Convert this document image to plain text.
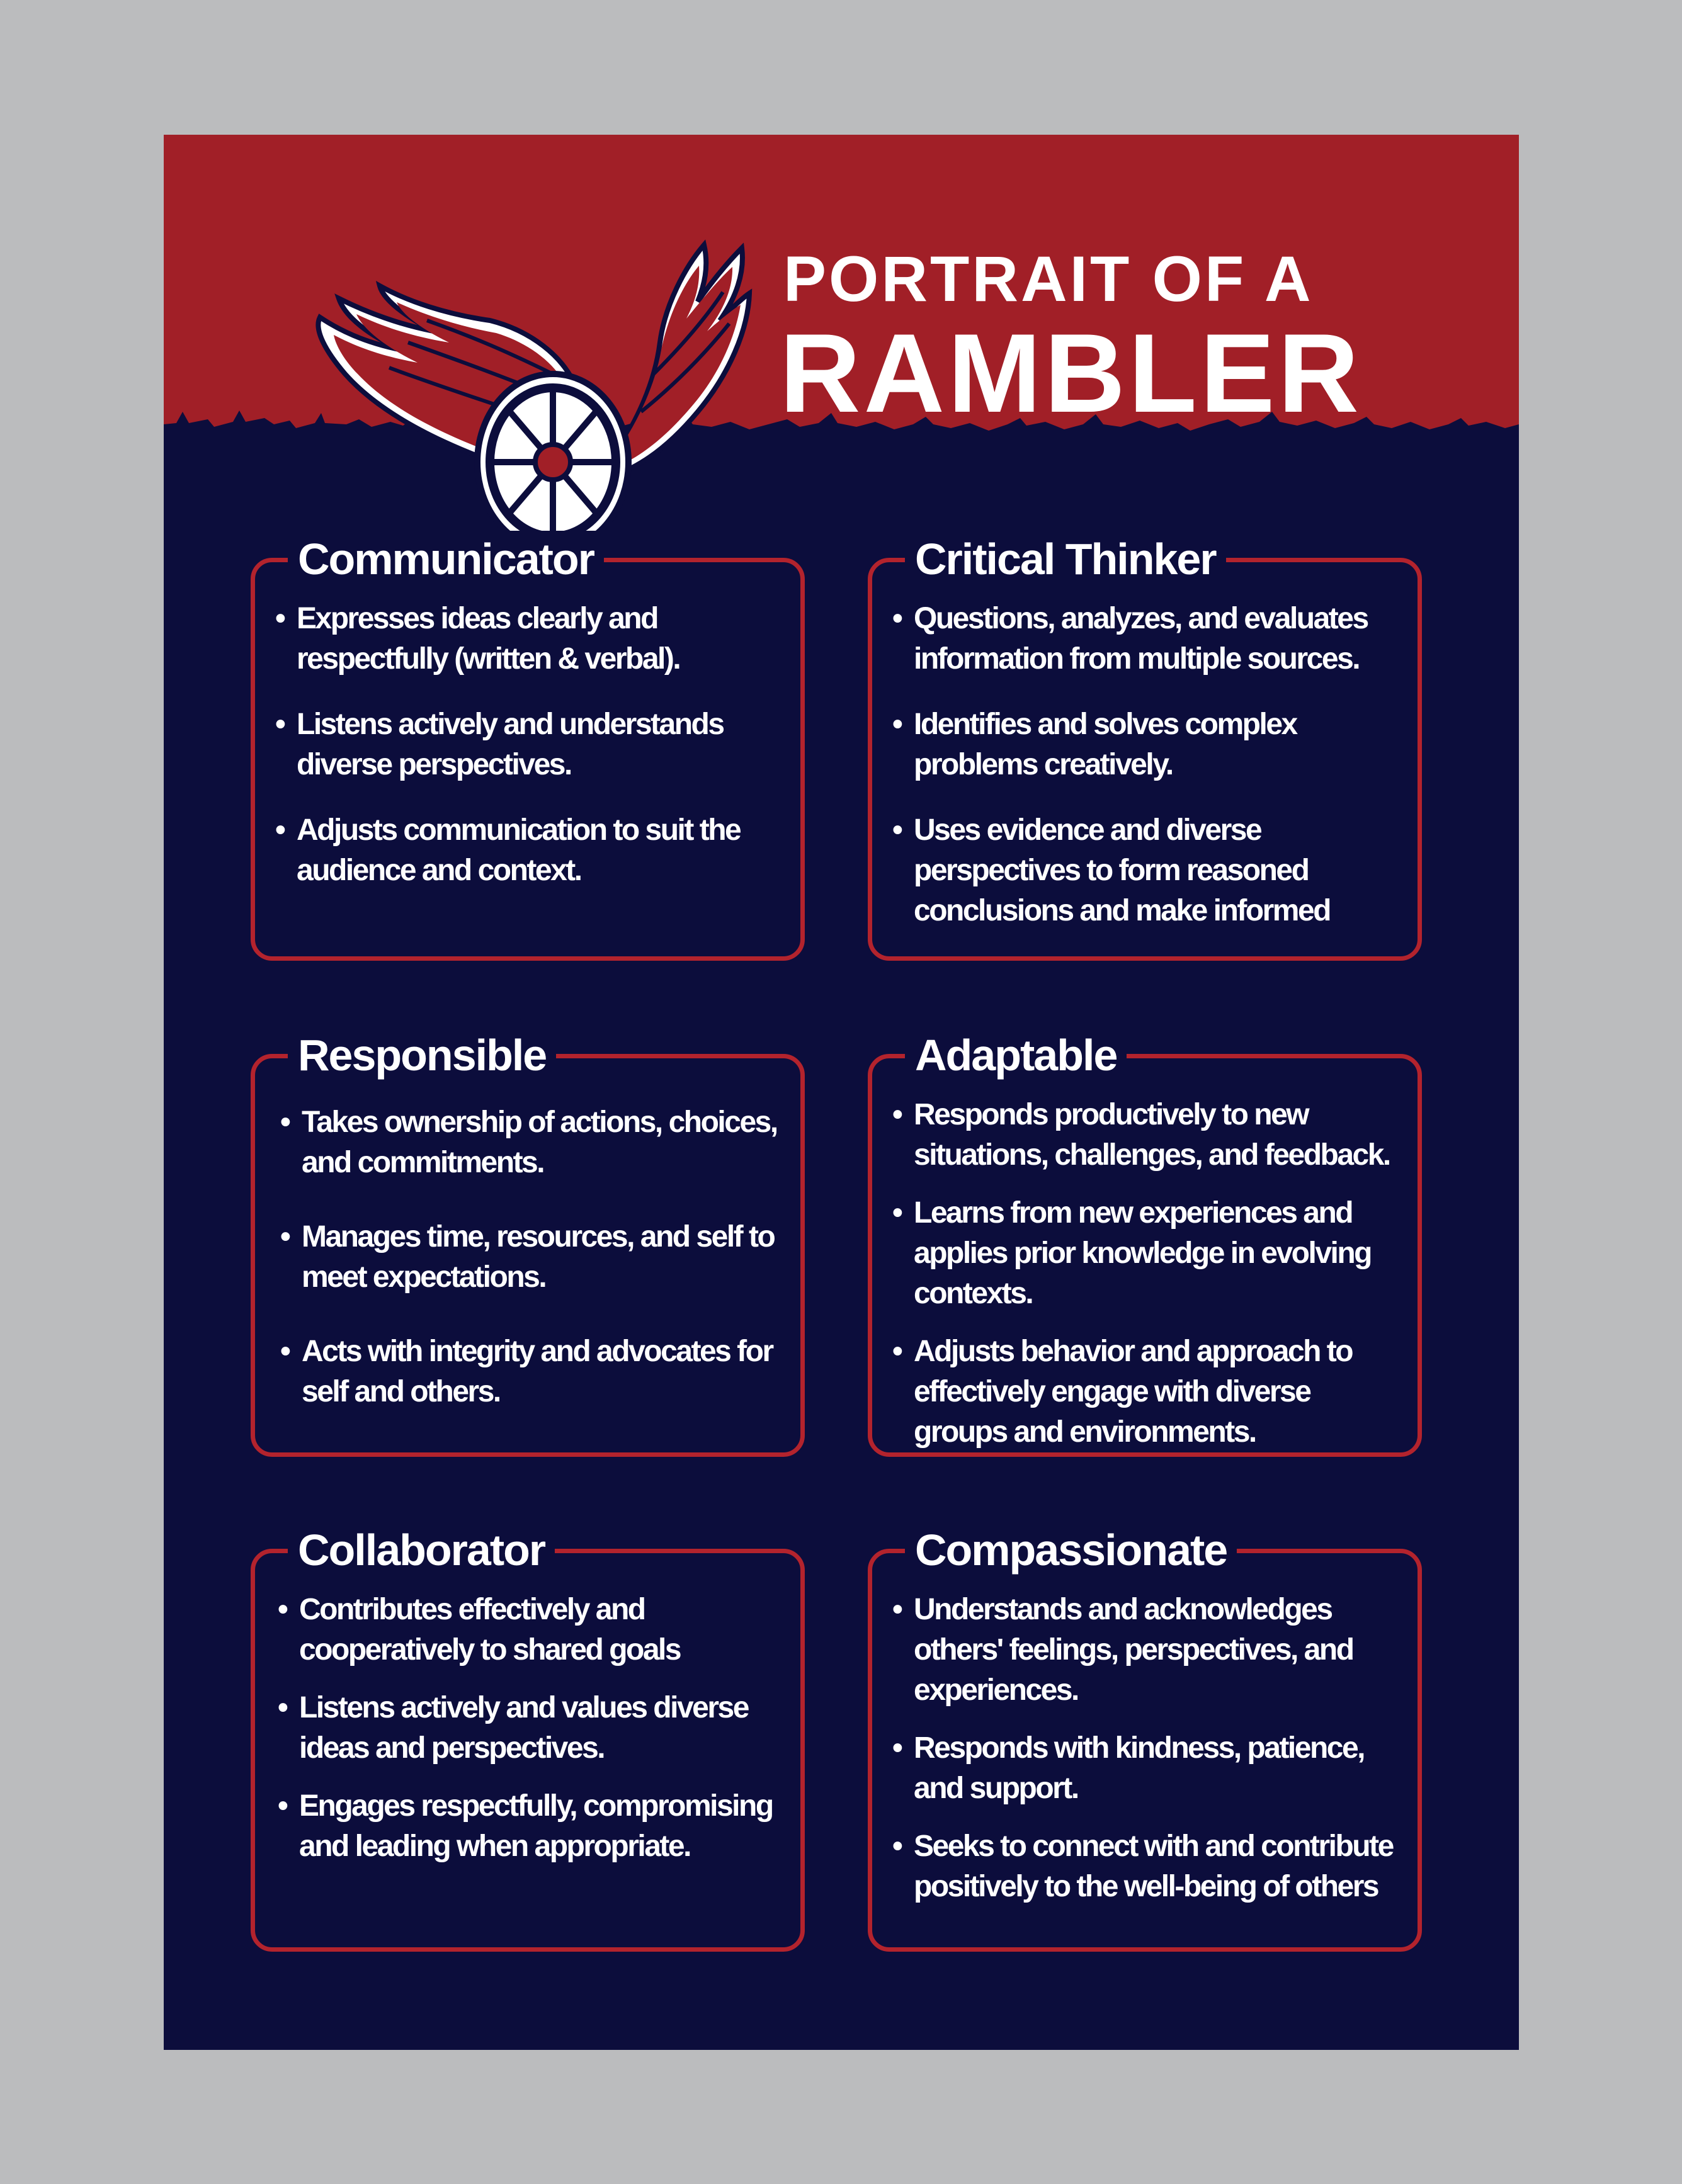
PORTRAIT OF A
RAMBLER
Communicator
• Expresses ideas clearly and respectfully (written & verbal).
• Listens actively and understands diverse perspectives.
• Adjusts communication to suit the audience and context.
Critical Thinker
• Questions, analyzes, and evaluates information from multiple sources.
• Identifies and solves complex problems creatively.
• Uses evidence and diverse perspectives to form reasoned conclusions and make informed
Responsible
• Takes ownership of actions, choices, and commitments.
• Manages time, resources, and self to meet expectations.
• Acts with integrity and advocates for self and others.
Adaptable
• Responds productively to new situations, challenges, and feedback.
• Learns from new experiences and applies prior knowledge in evolving contexts.
• Adjusts behavior and approach to effectively engage with diverse groups and environments.
Collaborator
• Contributes effectively and cooperatively to shared goals
• Listens actively and values diverse ideas and perspectives.
• Engages respectfully, compromising and leading when appropriate.
Compassionate
• Understands and acknowledges others' feelings, perspectives, and experiences.
• Responds with kindness, patience, and support.
• Seeks to connect with and contribute positively to the well-being of others
